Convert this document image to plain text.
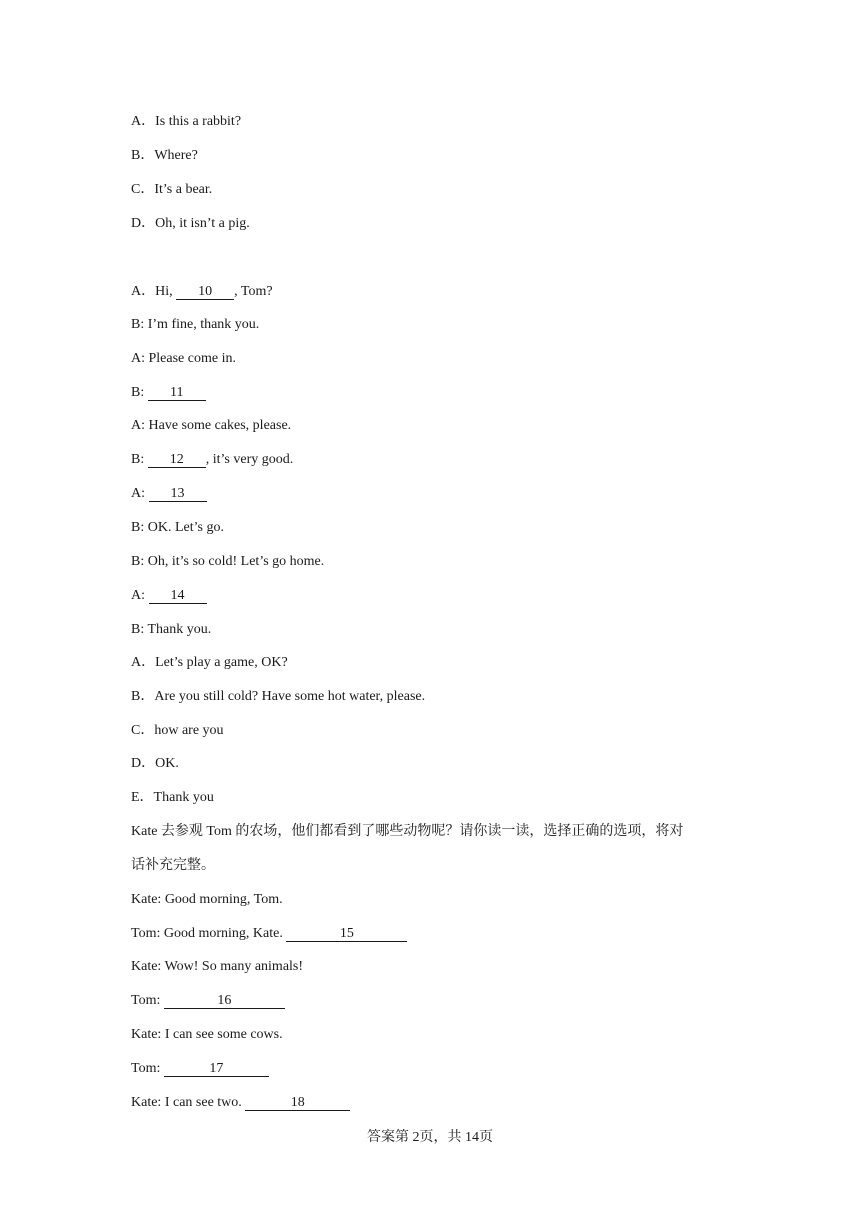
A．Is this a rabbit?
B．Where?
C．It’s a bear.
D．Oh, it isn’t a pig.
A．Hi, 10 , Tom?
B: I’m fine, thank you.
A: Please come in.
B: 11
A: Have some cakes, please.
B: 12 , it’s very good.
A: 13
B: OK. Let’s go.
B: Oh, it’s so cold! Let’s go home.
A: 14
B: Thank you.
A．Let’s play a game, OK?
B．Are you still cold? Have some hot water, please.
C．how are you
D．OK.
E．Thank you
Kate 去参观 Tom 的农场，他们都看到了哪些动物呢？请你读一读，选择正确的选项，将对
话补充完整。
Kate: Good morning, Tom.
Tom: Good morning, Kate.	15
Kate: Wow! So many animals!
Tom:	16
Kate: I can see some cows.
Tom:	17
Kate: I can see two.	18
答案第 2页，共 14页
